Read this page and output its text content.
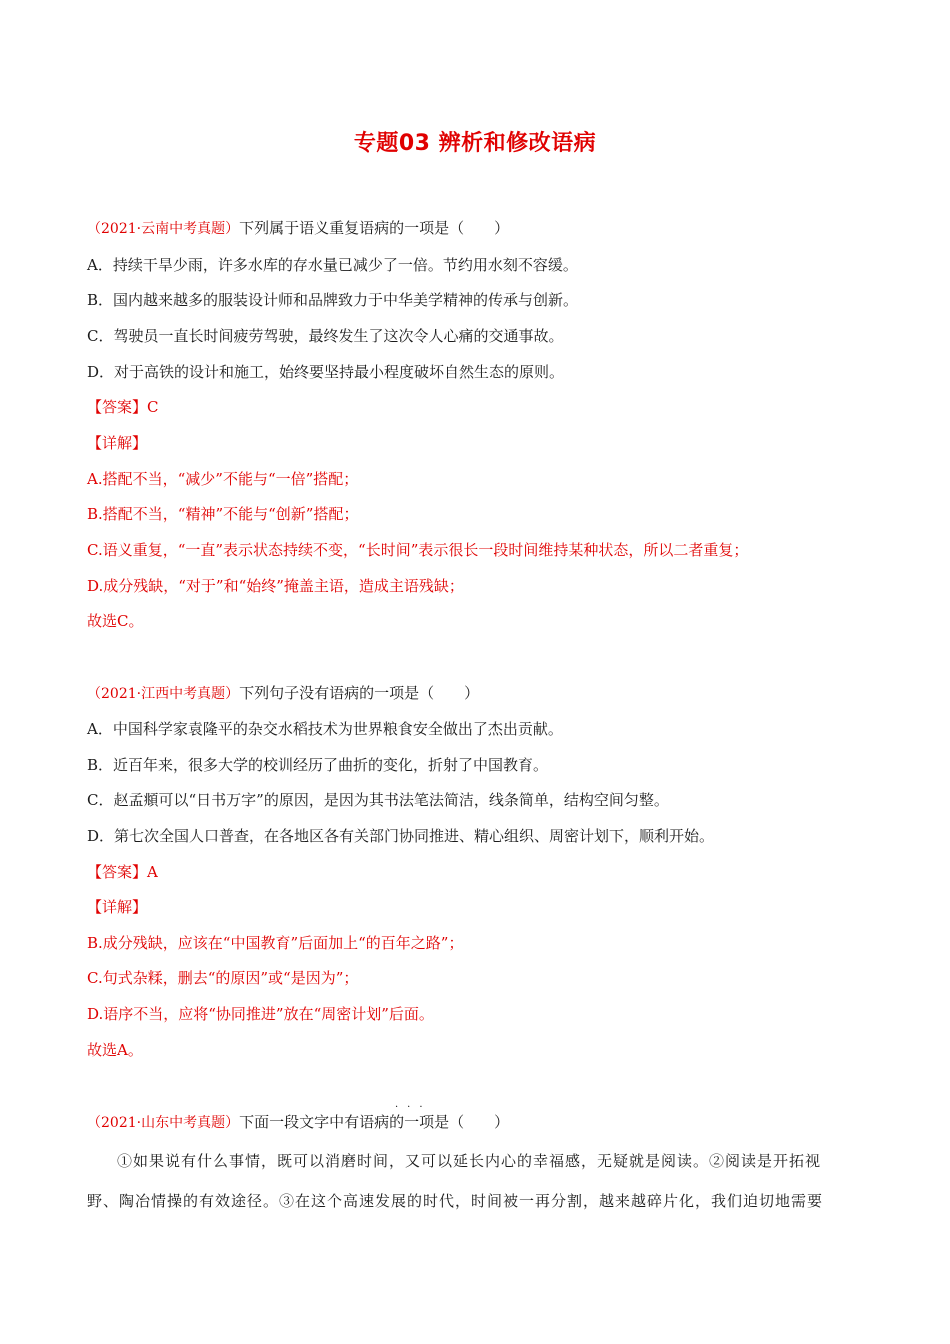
专题03 辨析和修改语病
（2021·云南中考真题）下列属于语义重复语病的一项是（　　）
A．持续干旱少雨，许多水库的存水量已减少了一倍。节约用水刻不容缓。
B．国内越来越多的服装设计师和品牌致力于中华美学精神的传承与创新。
C．驾驶员一直长时间疲劳驾驶，最终发生了这次令人心痛的交通事故。
D．对于高铁的设计和施工，始终要坚持最小程度破坏自然生态的原则。
【答案】C
【详解】
A.搭配不当，“减少”不能与“一倍”搭配；
B.搭配不当，“精神”不能与“创新”搭配；
C.语义重复，“一直”表示状态持续不变，“长时间”表示很长一段时间维持某种状态，所以二者重复；
D.成分残缺，“对于”和“始终”掩盖主语，造成主语残缺；
故选C。
（2021·江西中考真题）下列句子没有语病的一项是（　　）
A．中国科学家袁隆平的杂交水稻技术为世界粮食安全做出了杰出贡献。
B．近百年来，很多大学的校训经历了曲折的变化，折射了中国教育。
C．赵孟頫可以“日书万字”的原因，是因为其书法笔法简洁，线条简单，结构空间匀整。
D．第七次全国人口普查，在各地区各有关部门协同推进、精心组织、周密计划下，顺利开始。
【答案】A
【详解】
B.成分残缺，应该在“中国教育”后面加上“的百年之路”；
C.句式杂糅，删去“的原因”或“是因为”；
D.语序不当，应将“协同推进”放在“周密计划”后面。
故选A。
···
（2021·山东中考真题）下面一段文字中有语病的一项是（　　）
①如果说有什么事情，既可以消磨时间，又可以延长内心的幸福感，无疑就是阅读。②阅读是开拓视
野、陶冶情操的有效途径。③在这个高速发展的时代，时间被一再分割，越来越碎片化，我们迫切地需要
